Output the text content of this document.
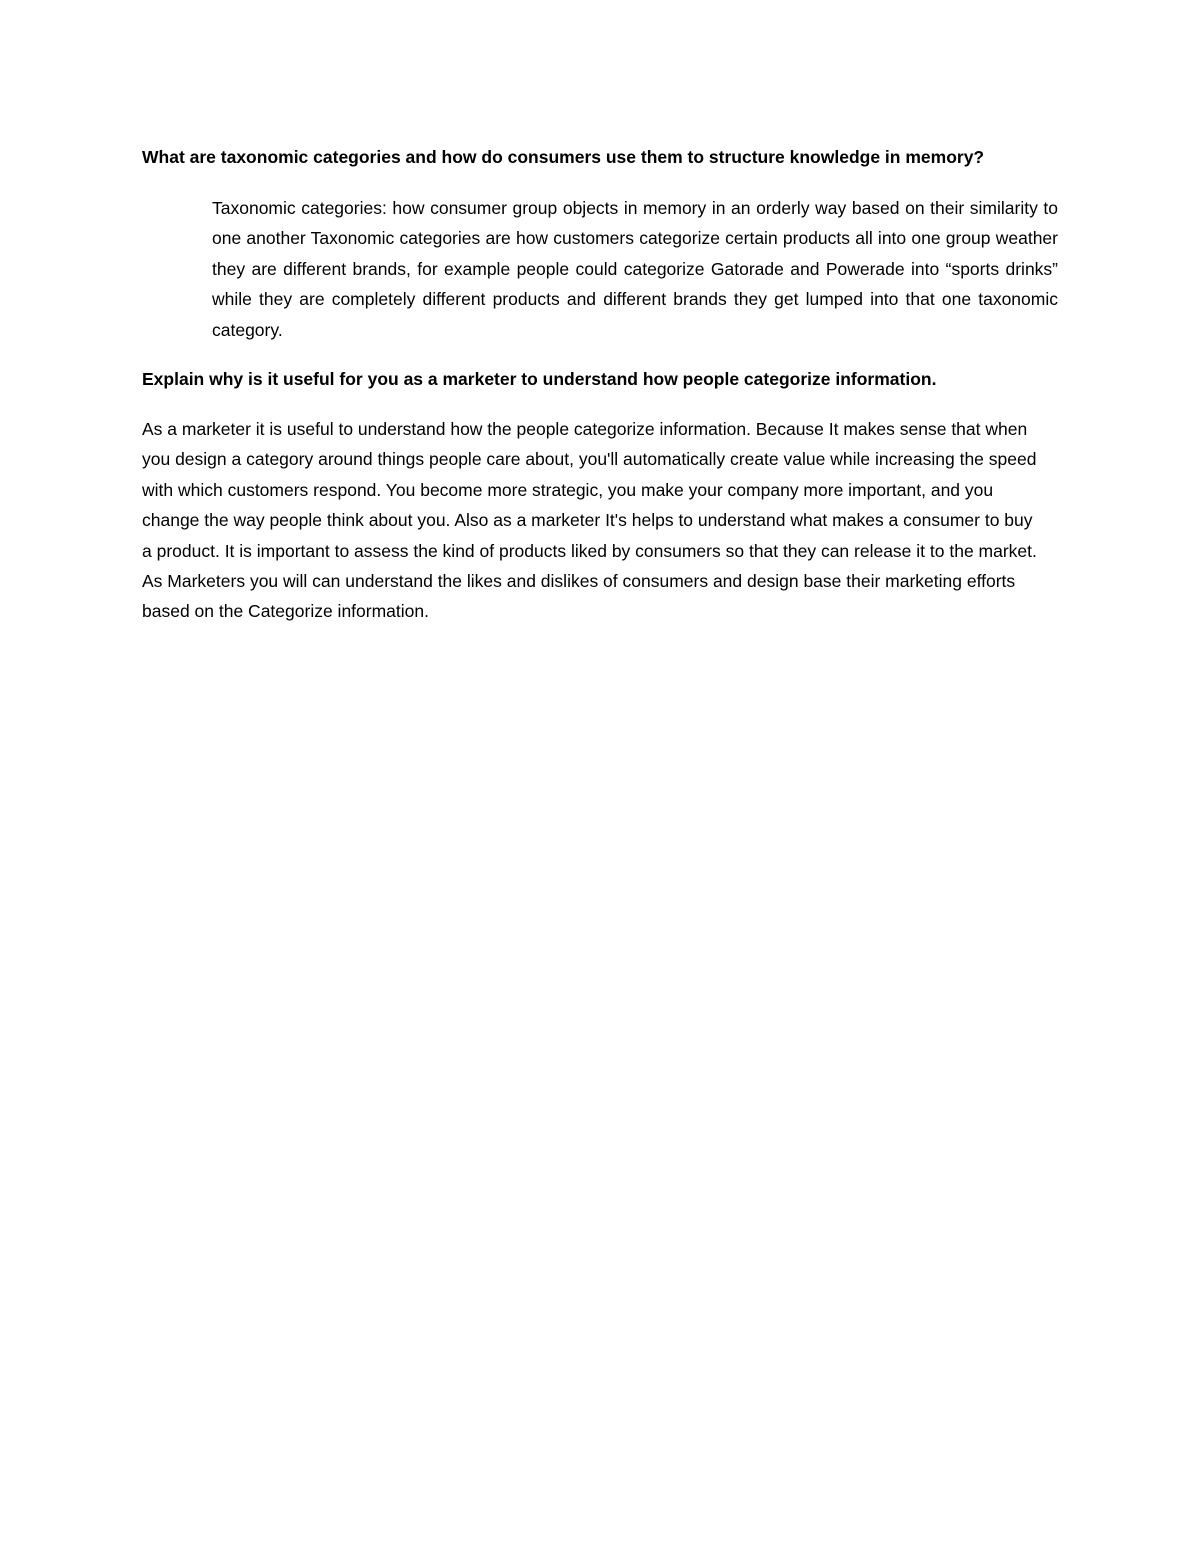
What are taxonomic categories and how do consumers use them to structure knowledge in memory?

Taxonomic categories: how consumer group objects in memory in an orderly way based on their similarity to one another Taxonomic categories are how customers categorize certain products all into one group weather they are different brands, for example people could categorize Gatorade and Powerade into “sports drinks” while they are completely different products and different brands they get lumped into that one taxonomic category.

Explain why is it useful for you as a marketer to understand how people categorize information.

As a marketer it is useful to understand how the people categorize information. Because It makes sense that when you design a category around things people care about, you'll automatically create value while increasing the speed with which customers respond. You become more strategic, you make your company more important, and you change the way people think about you. Also as a marketer It's helps to understand what makes a consumer to buy a product. It is important to assess the kind of products liked by consumers so that they can release it to the market. As Marketers you will can understand the likes and dislikes of consumers and design base their marketing efforts based on the Categorize information.
